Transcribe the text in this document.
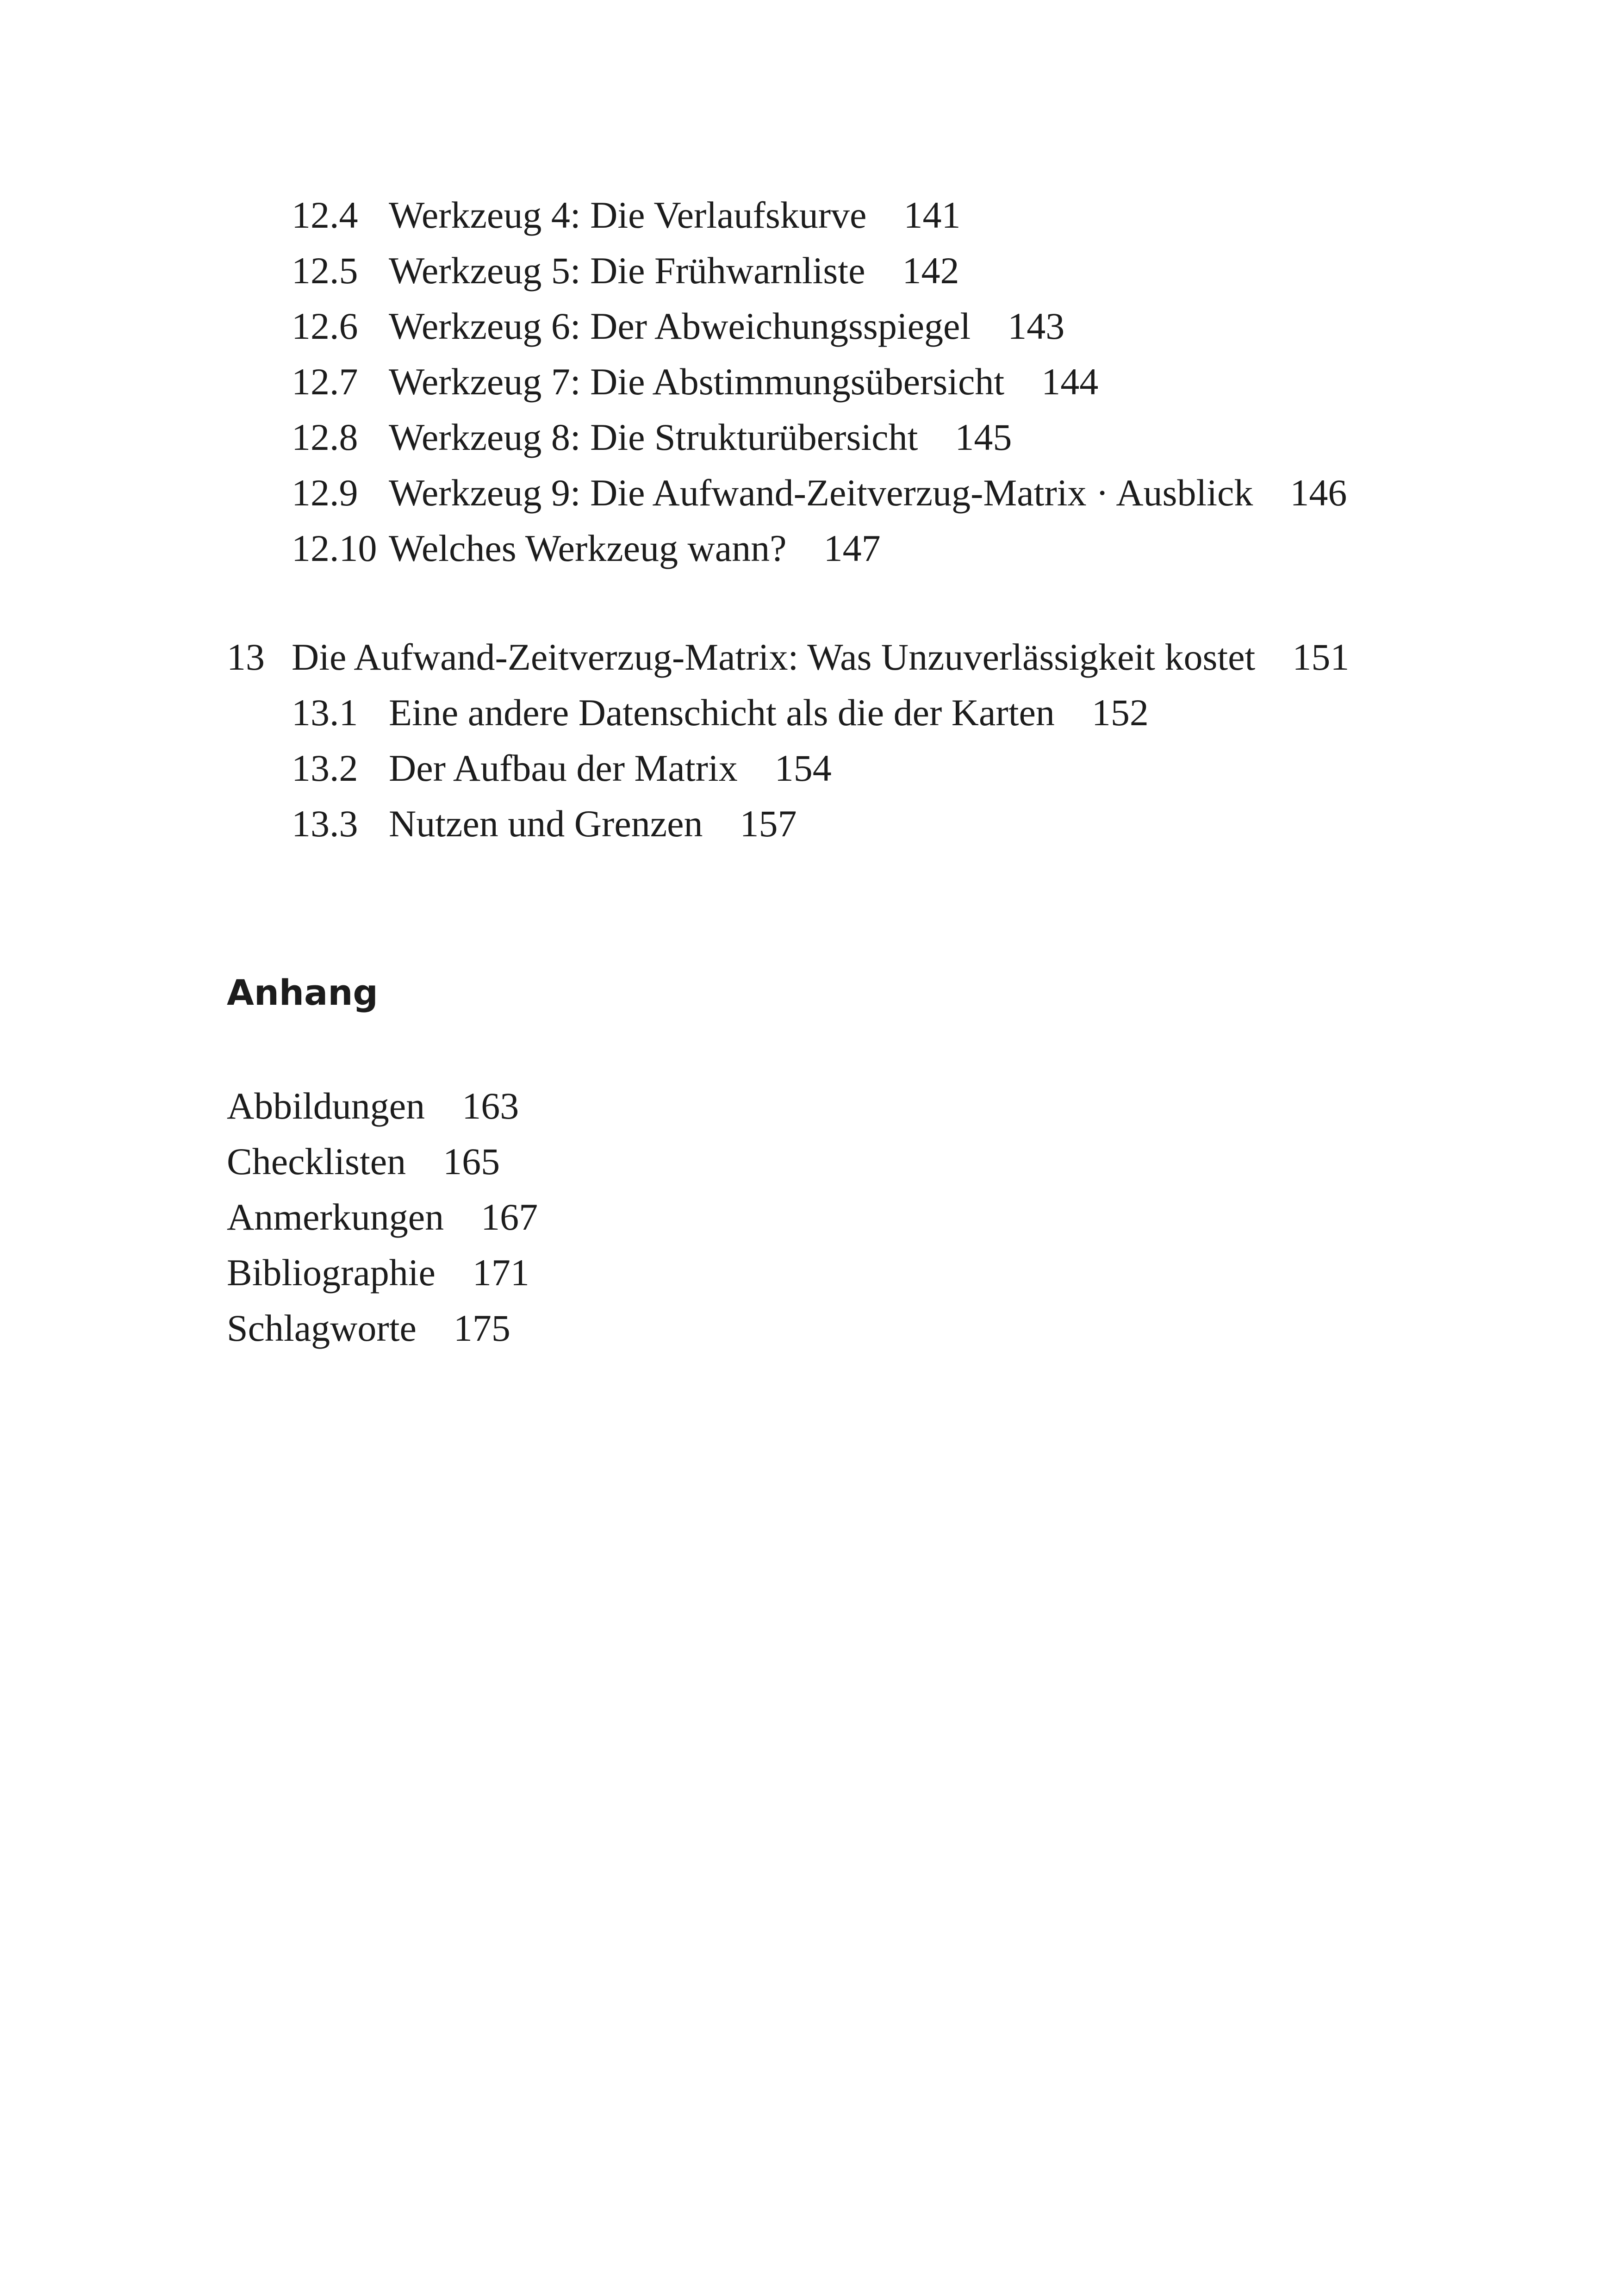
12.4 Werkzeug 4: Die Verlaufskurve 141
12.5 Werkzeug 5: Die Frühwarnliste 142
12.6 Werkzeug 6: Der Abweichungsspiegel 143
12.7 Werkzeug 7: Die Abstimmungsübersicht 144
12.8 Werkzeug 8: Die Strukturübersicht 145
12.9 Werkzeug 9: Die Aufwand-Zeitverzug-Matrix · Ausblick 146
12.10 Welches Werkzeug wann? 147
13 Die Aufwand-Zeitverzug-Matrix: Was Unzuverlässigkeit kostet 151
13.1 Eine andere Datenschicht als die der Karten 152
13.2 Der Aufbau der Matrix 154
13.3 Nutzen und Grenzen 157
Anhang
Abbildungen 163
Checklisten 165
Anmerkungen 167
Bibliographie 171
Schlagworte 175
